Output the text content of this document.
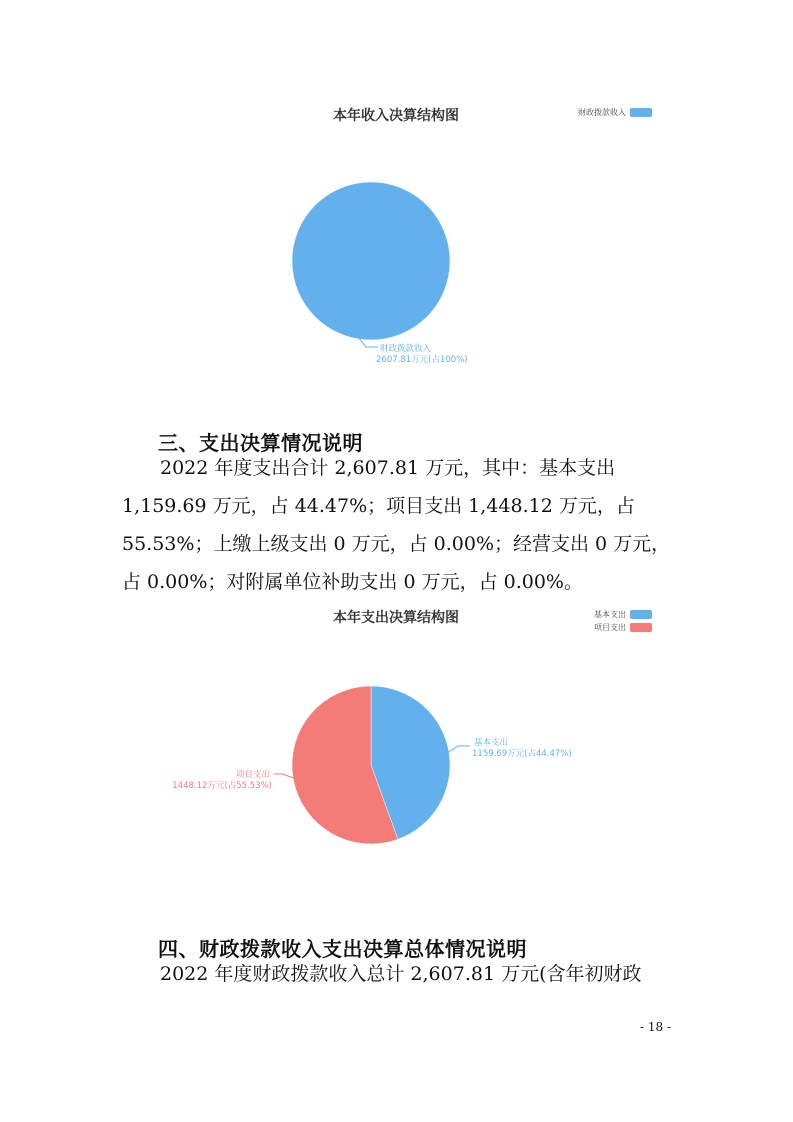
本年收入决算结构图	财政拨款收入
财政拨款收入
2607.81万元(占100%)
三、支出决算情况说明

2022 年度支出合计 2,607.81 万元，其中：基本支出
1,159.69 万元，占 44.47%；项目支出 1,448.12 万元，占
55.53%；上缴上级支出 0 万元，占 0.00%；经营支出 0 万元，
占 0.00%；对附属单位补助支出 0 万元，占 0.00%。

本年支出决算结构图	基本支出
项目支出
基本支出
1159.69万元(占44.47%)
项目支出
1448.12万元(占55.53%)
四、财政拨款收入支出决算总体情况说明

2022 年度财政拨款收入总计 2,607.81 万元(含年初财政

- 18 -
